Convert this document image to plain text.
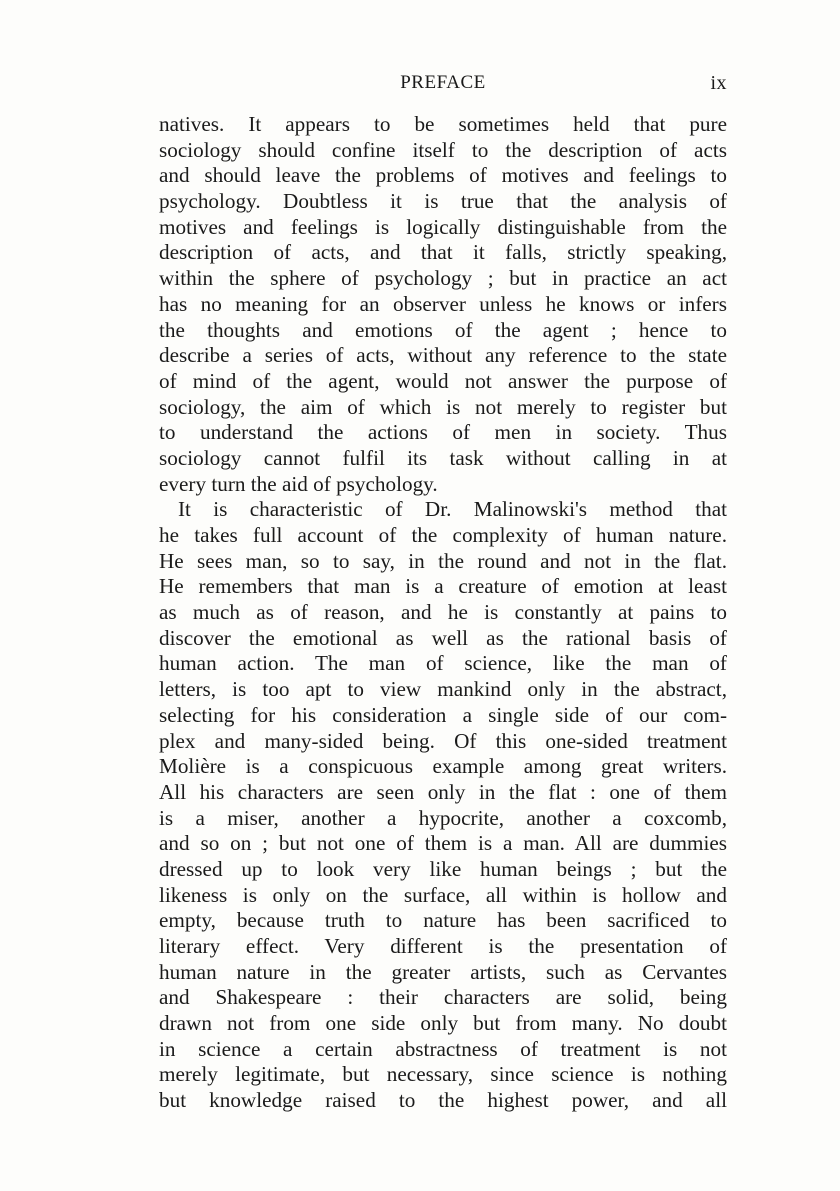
PREFACE	ix
natives. It appears to be sometimes held that pure
sociology should confine itself to the description of acts
and should leave the problems of motives and feelings to
psychology. Doubtless it is true that the analysis of
motives and feelings is logically distinguishable from the
description of acts, and that it falls, strictly speaking,
within the sphere of psychology ; but in practice an act
has no meaning for an observer unless he knows or infers
the thoughts and emotions of the agent ; hence to
describe a series of acts, without any reference to the state
of mind of the agent, would not answer the purpose of
sociology, the aim of which is not merely to register but
to understand the actions of men in society. Thus
sociology cannot fulfil its task without calling in at
every turn the aid of psychology.
It is characteristic of Dr. Malinowski's method that
he takes full account of the complexity of human nature.
He sees man, so to say, in the round and not in the flat.
He remembers that man is a creature of emotion at least
as much as of reason, and he is constantly at pains to
discover the emotional as well as the rational basis of
human action. The man of science, like the man of
letters, is too apt to view mankind only in the abstract,
selecting for his consideration a single side of our com-
plex and many-sided being. Of this one-sided treatment
Molière is a conspicuous example among great writers.
All his characters are seen only in the flat : one of them
is a miser, another a hypocrite, another a coxcomb,
and so on ; but not one of them is a man. All are dummies
dressed up to look very like human beings ; but the
likeness is only on the surface, all within is hollow and
empty, because truth to nature has been sacrificed to
literary effect. Very different is the presentation of
human nature in the greater artists, such as Cervantes
and Shakespeare : their characters are solid, being
drawn not from one side only but from many. No doubt
in science a certain abstractness of treatment is not
merely legitimate, but necessary, since science is nothing
but knowledge raised to the highest power, and all
